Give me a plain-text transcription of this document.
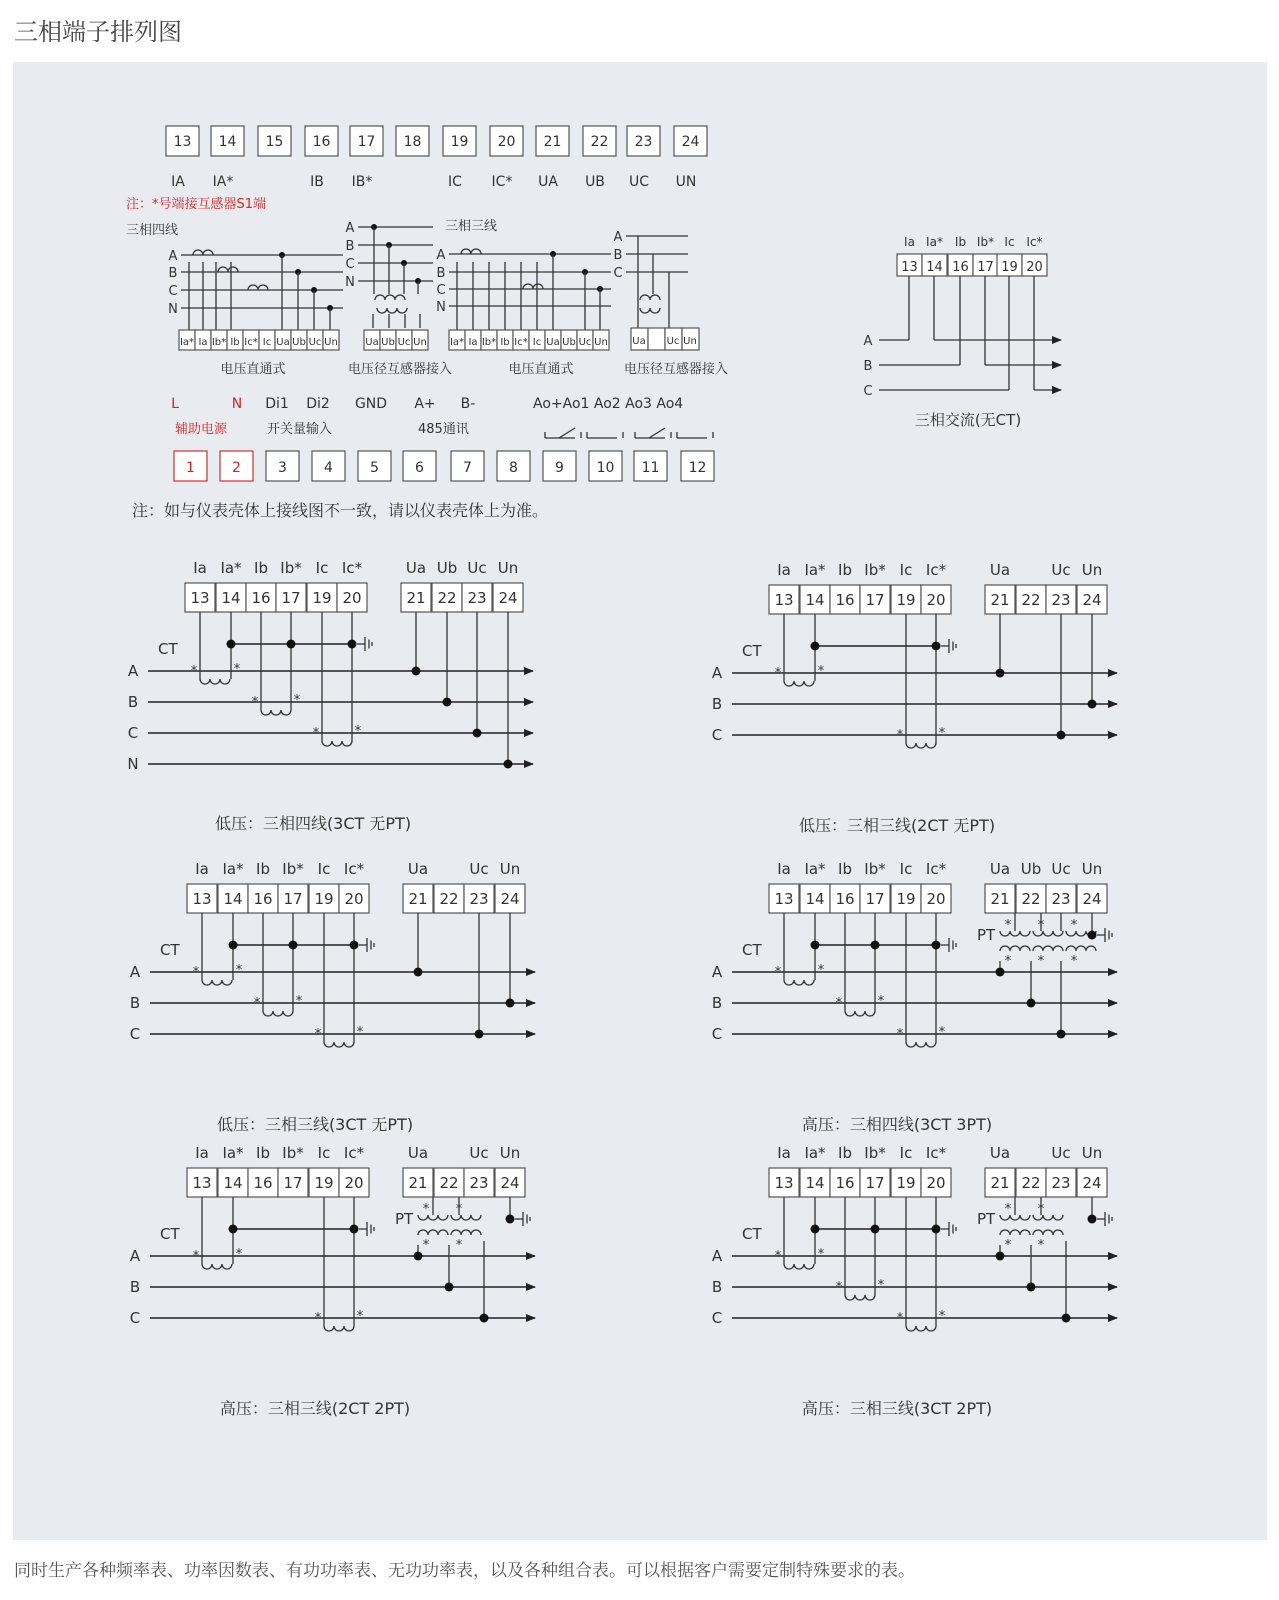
三相端子排列图
13
IA
14
IA*
15 16
IB
17
IB*
18 19
IC
20
IC*
21
UA
22
UB
23
UC
24
UN
注：*号端接互感器S1端
三相四线
A
B
C
N
Ia* Ia Ib* Ib Ic* Ic Ua Ub Uc Un
电压直通式
A
B
C
N
Ua Ub Uc Un
电压径互感器接入
三相三线
A
B
C
N
Ia* Ia Ib* Ib Ic* Ic Ua Ub Uc Un
电压直通式
A
B
C
Ua Uc Un
电压径互感器接入
L	N Di1 Di2 GND A+ B-	Ao+Ao1 Ao2 Ao3 Ao4
辅助电源	开关量输入	485通讯
1	2	3	4	5	6	7	8	9 10 11 12
注：如与仪表壳体上接线图不一致，请以仪表壳体上为准。
13
Ia
14
Ia*
16
Ib
17
Ib*
19
Ic
20
Ic*
A
B
C
三相交流(无CT)
13
Ia
14
Ia*
16
Ib
17
Ib*
19
Ic
20
Ic*
21
Ua
22
Ub
23
Uc
24
Un
A
B
C
N
CT
*	*
*	*
*	*
低压：三相四线(3CT 无PT)
13
Ia
14
Ia*
16
Ib
17
Ib*
19
Ic
20
Ic*
21
Ua
22 23
Uc
24
Un
A
B
C
CT
*	*
*	*
低压：三相三线(2CT 无PT)
13
Ia
14
Ia*
16
Ib
17
Ib*
19
Ic
20
Ic*
21
Ua
22 23
Uc
24
Un
A
B
C
CT
*	*
*	*
*	*
低压：三相三线(3CT 无PT)
13
Ia
14
Ia*
16
Ib
17
Ib*
19
Ic
20
Ic*
21
Ua
22
Ub
23
Uc
24
Un
A
B
C
CT
*	*
*	*
*	*
PT
*
*
*
*
*
*
高压：三相四线(3CT 3PT)
13
Ia
14
Ia*
16
Ib
17
Ib*
19
Ic
20
Ic*
21
Ua
22 23
Uc
24
Un
A
B
C
CT
*	*
*	*
PT
*
*
*
*
高压：三相三线(2CT 2PT)
13
Ia
14
Ia*
16
Ib
17
Ib*
19
Ic
20
Ic*
21
Ua
22 23
Uc
24
Un
A
B
C
CT
*	*
*	*
*	*
PT
*
*
*
*
高压：三相三线(3CT 2PT)
同时生产各种频率表、功率因数表、有功功率表、无功功率表，以及各种组合表。可以根据客户需要定制特殊要求的表。
